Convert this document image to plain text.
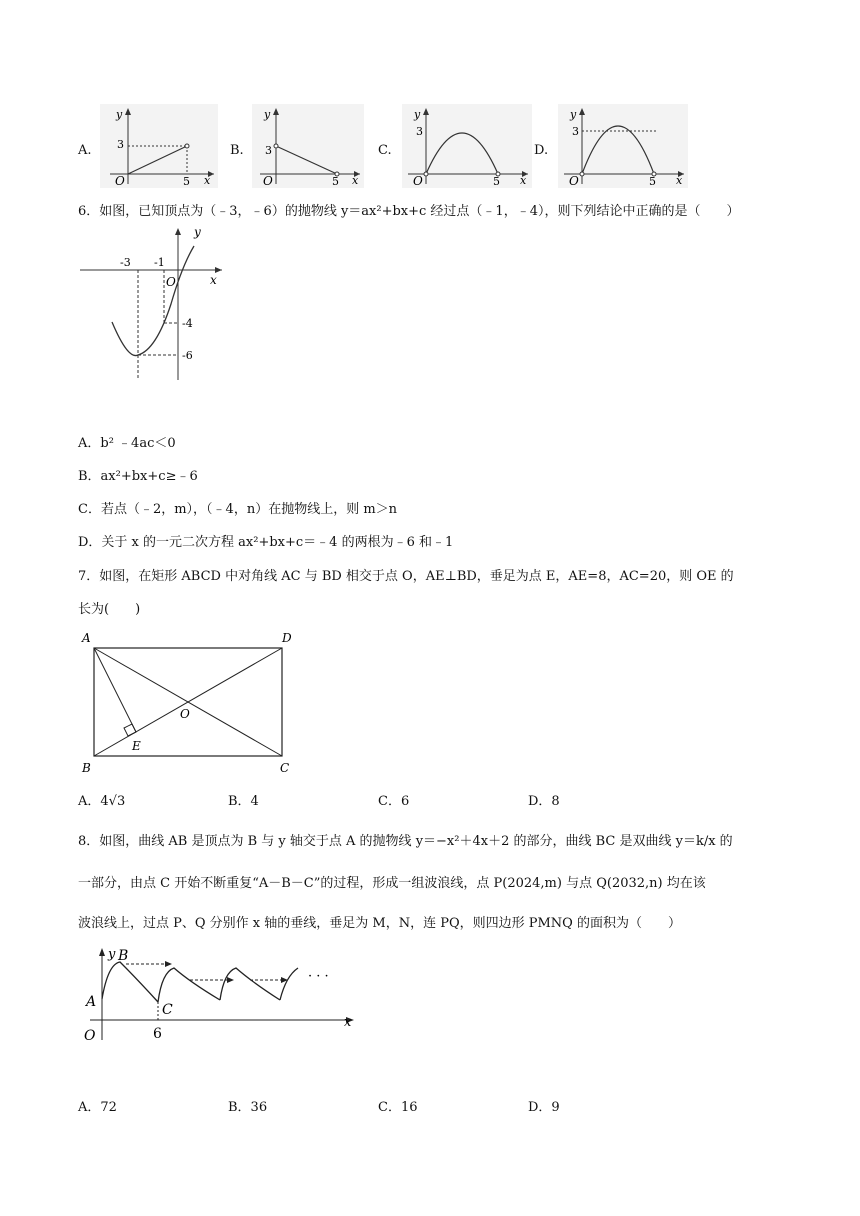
A.
y
x
3
O	5
B.
y
x
3
O	5
C.
y
x
3
O	5
D.
y
x
3
O	5
6．如图，已知顶点为（﹣3，﹣6）的抛物线 y＝ax²+bx+c 经过点（﹣1，﹣4），则下列结论中正确的是（　　）
y
x
O
-3 -1
-4
-6
A．b² ﹣4ac＜0
B．ax²+bx+c≥﹣6
C．若点（﹣2，m），（﹣4，n）在抛物线上，则 m＞n
D．关于 x 的一元二次方程 ax²+bx+c＝﹣4 的两根为﹣6 和﹣1
7．如图，在矩形 ABCD 中对角线 AC 与 BD 相交于点 O，AE⊥BD，垂足为点 E，AE=8，AC=20，则 OE 的
长为(　　)
A	D
B	C
O
E
A．4√3	B．4	C．6	D．8
8．如图，曲线 AB 是顶点为 B 与 y 轴交于点 A 的抛物线 y＝−x²＋4x＋2 的部分，曲线 BC 是双曲线 y＝k/x 的
一部分，由点 C 开始不断重复“A－B－C”的过程，形成一组波浪线，点 P(2024,m) 与点 Q(2032,n) 均在该
波浪线上，过点 P、Q 分别作 x 轴的垂线，垂足为 M，N，连 PQ，则四边形 PMNQ 的面积为（　　）
y
x
O
A
B
C
6
· · ·
A．72	B．36	C．16	D．9
